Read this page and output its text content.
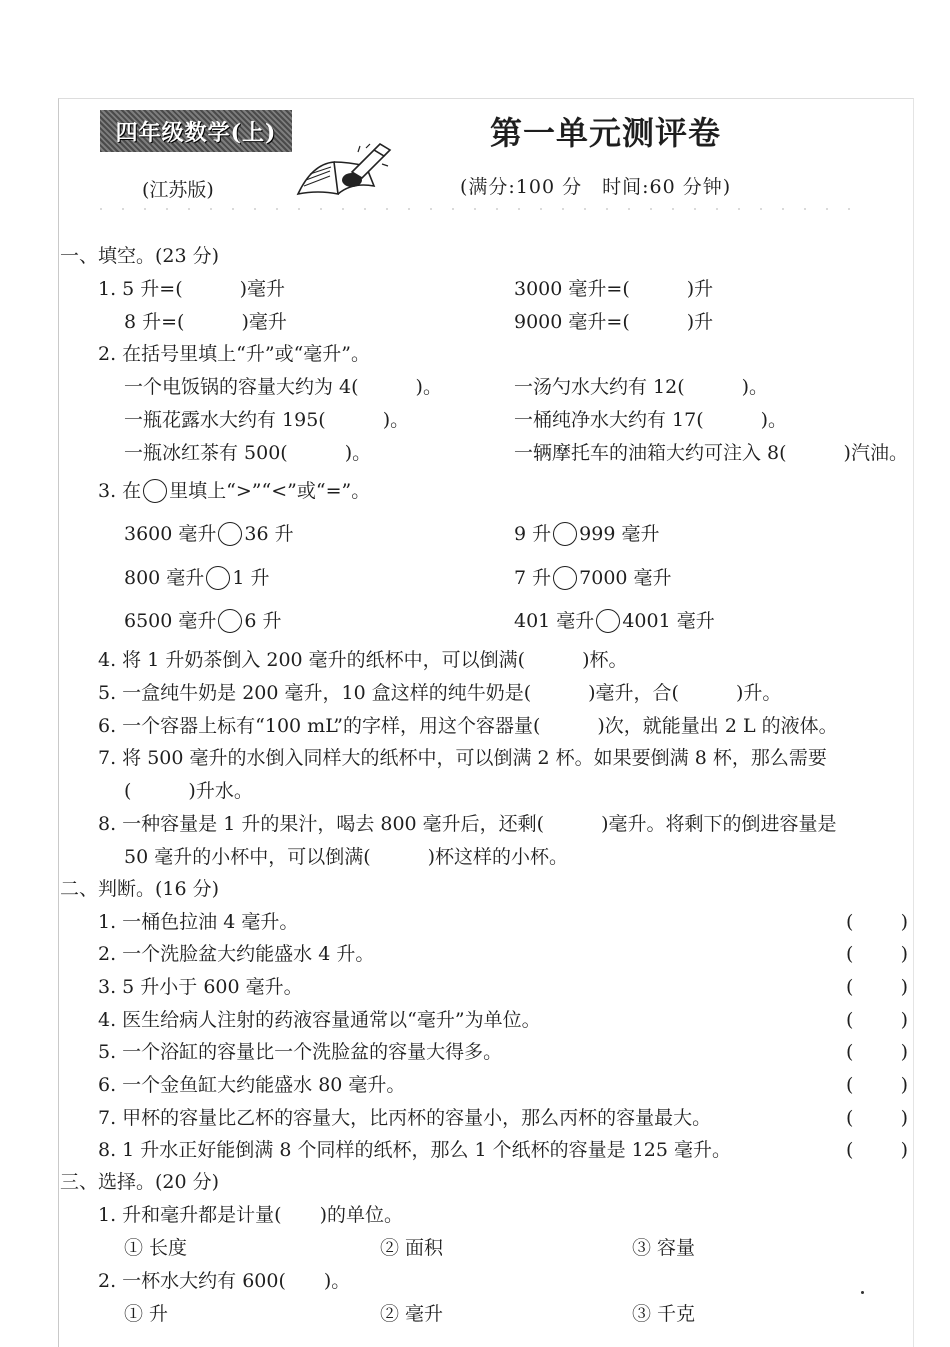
四年级数学(上)
(江苏版)
第一单元测评卷
(满分:100 分　时间:60 分钟)
一、填空。(23 分)
1. 5 升=(　　　)毫升	3000 毫升=(　　　)升
8 升=(　　　)毫升	9000 毫升=(　　　)升
2. 在括号里填上“升”或“毫升”。
一个电饭锅的容量大约为 4(　　　)。	一汤勺水大约有 12(　　　)。
一瓶花露水大约有 195(　　　)。	一桶纯净水大约有 17(　　　)。
一瓶冰红茶有 500(　　　)。	一辆摩托车的油箱大约可注入 8(　　　)汽油。
3. 在 里填上“>”“<”或“=”。
3600 毫升 36 升	9 升 999 毫升
800 毫升 1 升	7 升 7000 毫升
6500 毫升 6 升	401 毫升 4001 毫升
4. 将 1 升奶茶倒入 200 毫升的纸杯中，可以倒满(　　　)杯。
5. 一盒纯牛奶是 200 毫升，10 盒这样的纯牛奶是(　　　)毫升，合(　　　)升。
6. 一个容器上标有“100 mL”的字样，用这个容器量(　　　)次，就能量出 2 L 的液体。
7. 将 500 毫升的水倒入同样大的纸杯中，可以倒满 2 杯。如果要倒满 8 杯，那么需要
(　　　)升水。
8. 一种容量是 1 升的果汁，喝去 800 毫升后，还剩(　　　)毫升。将剩下的倒进容量是
50 毫升的小杯中，可以倒满(　　　)杯这样的小杯。
二、判断。(16 分)
1. 一桶色拉油 4 毫升。	( )
2. 一个洗脸盆大约能盛水 4 升。	( )
3. 5 升小于 600 毫升。	( )
4. 医生给病人注射的药液容量通常以“毫升”为单位。	( )
5. 一个浴缸的容量比一个洗脸盆的容量大得多。	( )
6. 一个金鱼缸大约能盛水 80 毫升。	( )
7. 甲杯的容量比乙杯的容量大，比丙杯的容量小，那么丙杯的容量最大。	( )
8. 1 升水正好能倒满 8 个同样的纸杯，那么 1 个纸杯的容量是 125 毫升。	( )
三、选择。(20 分)
1. 升和毫升都是计量(　　)的单位。
① 长度	② 面积	③ 容量
2. 一杯水大约有 600(　　)。
① 升	② 毫升	③ 千克
